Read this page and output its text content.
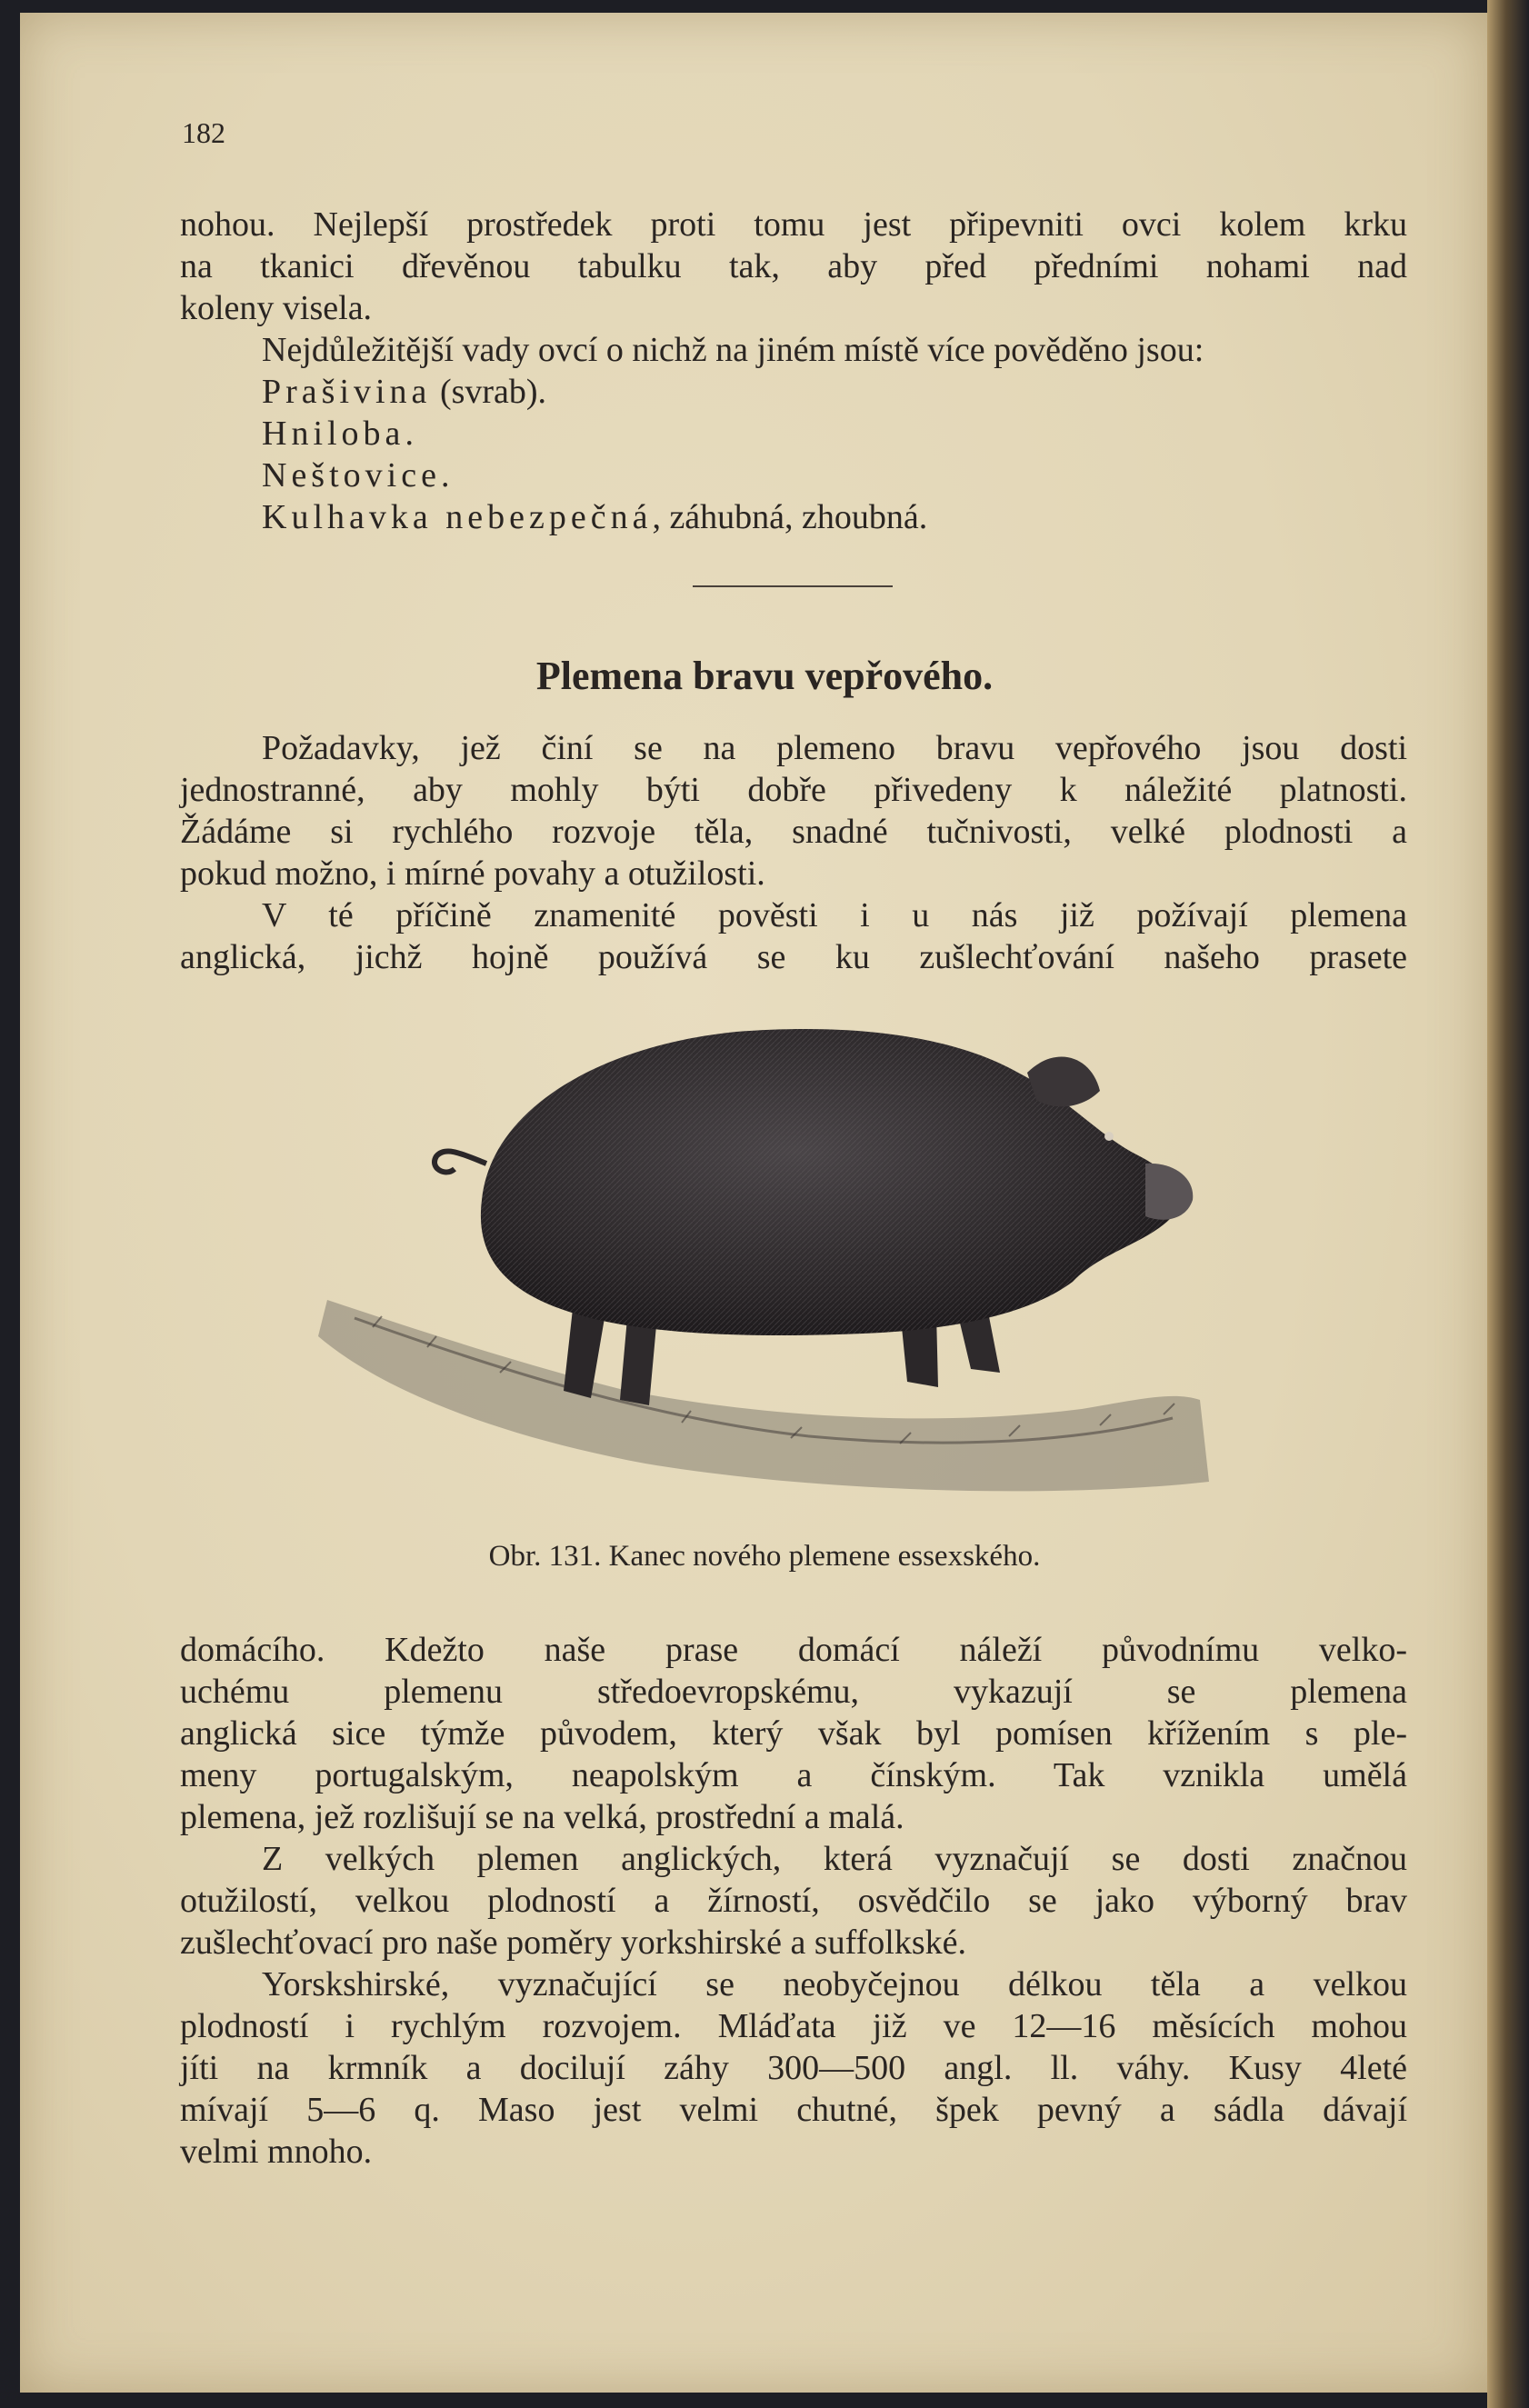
182
nohou. Nejlepší prostředek proti tomu jest připevniti ovci kolem krku
na tkanici dřevěnou tabulku tak, aby před předními nohami nad
koleny visela.
Nejdůležitější vady ovcí o nichž na jiném místě více pověděno jsou:
Prašivina (svrab).
Hniloba.
Neštovice.
Kulhavka nebezpečná, záhubná, zhoubná.
Plemena bravu vepřového.
Požadavky, jež činí se na plemeno bravu vepřového jsou dosti
jednostranné, aby mohly býti dobře přivedeny k náležité platnosti.
Žádáme si rychlého rozvoje těla, snadné tučnivosti, velké plodnosti a
pokud možno, i mírné povahy a otužilosti.
V té příčině znamenité pověsti i u nás již požívají plemena
anglická, jichž hojně používá se ku zušlechťování našeho prasete
Obr. 131. Kanec nového plemene essexského.
domácího. Kdežto naše prase domácí náleží původnímu velko-
uchému plemenu středoevropskému, vykazují se plemena
anglická sice týmže původem, který však byl pomísen křížením s ple-
meny portugalským, neapolským a čínským. Tak vznikla umělá
plemena, jež rozlišují se na velká, prostřední a malá.
Z velkých plemen anglických, která vyznačují se dosti značnou
otužilostí, velkou plodností a žírností, osvědčilo se jako výborný brav
zušlechťovací pro naše poměry yorkshirské a suffolkské.
Yorskshirské, vyznačující se neobyčejnou délkou těla a velkou
plodností i rychlým rozvojem. Mláďata již ve 12—16 měsících mohou
jíti na krmník a docilují záhy 300—500 angl. ll. váhy. Kusy 4leté
mívají 5—6 q. Maso jest velmi chutné, špek pevný a sádla dávají
velmi mnoho.
